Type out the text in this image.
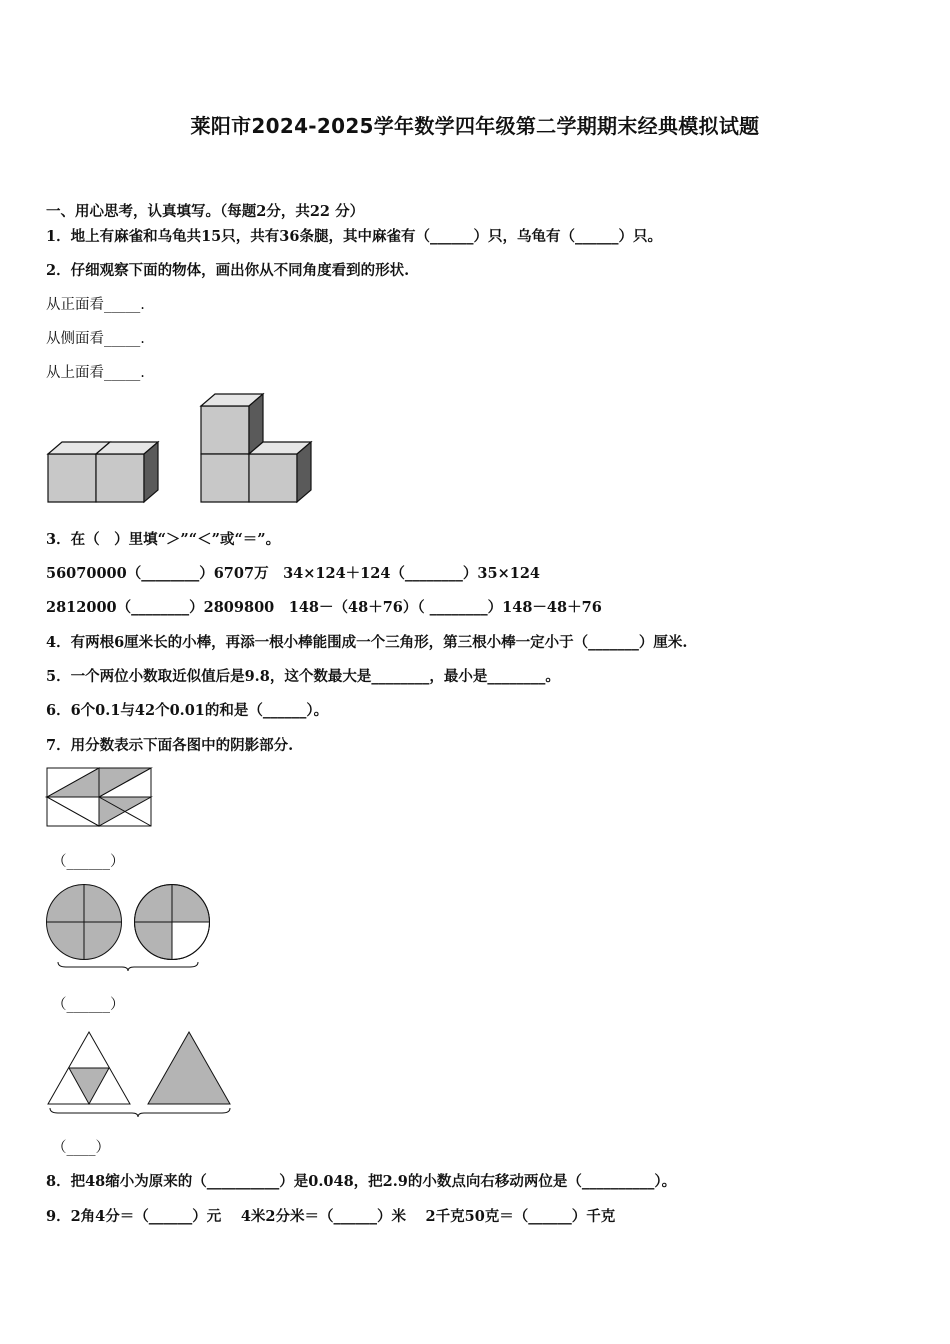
莱阳市2024-2025学年数学四年级第二学期期末经典模拟试题
一、用心思考，认真填写。（每题2分，共22 分）
1．地上有麻雀和乌龟共15只，共有36条腿，其中麻雀有（______）只，乌龟有（______）只。
2．仔细观察下面的物体，画出你从不同角度看到的形状.
从正面看_____.
从侧面看_____.
从上面看_____.
3．在（　）里填“＞”“＜”或“＝”。
56070000（________）6707万　34×124＋124（________）35×124
2812000（________）2809800　148－（48＋76）（ ________）148－48＋76
4．有两根6厘米长的小棒，再添一根小棒能围成一个三角形，第三根小棒一定小于（_______）厘米.
5．一个两位小数取近似值后是9.8，这个数最大是________，最小是________。
6．6个0.1与42个0.01的和是（______）。
7．用分数表示下面各图中的阴影部分.
（______）
（______）
（____）
8．把48缩小为原来的（__________）是0.048，把2.9的小数点向右移动两位是（__________）。
9．2角4分＝（______）元　 4米2分米＝（______）米　 2千克50克＝（______）千克
